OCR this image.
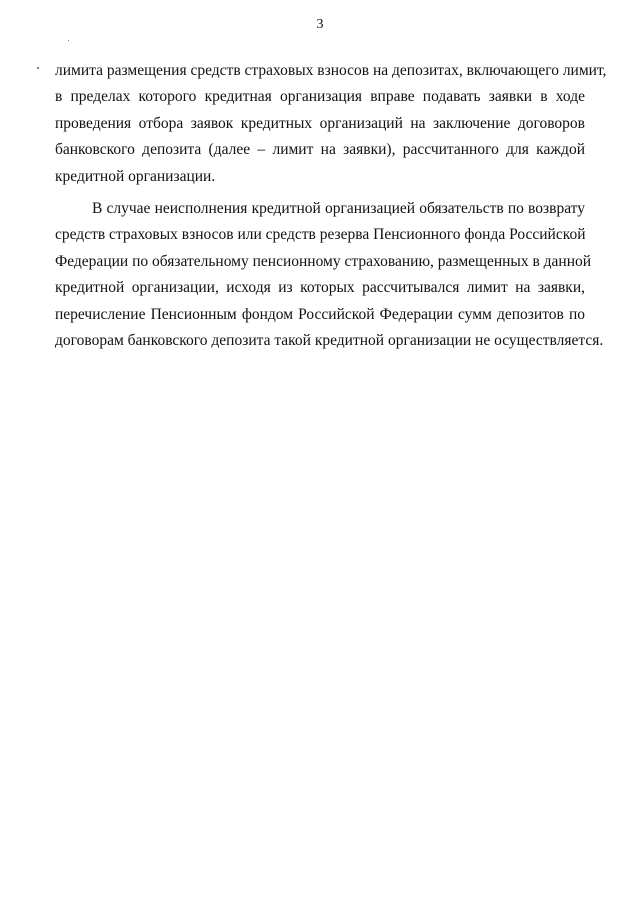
3
лимита размещения средств страховых взносов на депозитах, включающего лимит,
в пределах которого кредитная организация вправе подавать заявки в ходе
проведения отбора заявок кредитных организаций на заключение договоров
банковского депозита (далее – лимит на заявки), рассчитанного для каждой
кредитной организации.
В случае неисполнения кредитной организацией обязательств по возврату
средств страховых взносов или средств резерва Пенсионного фонда Российской
Федерации по обязательному пенсионному страхованию, размещенных в данной
кредитной организации, исходя из которых рассчитывался лимит на заявки,
перечисление Пенсионным фондом Российской Федерации сумм депозитов по
договорам банковского депозита такой кредитной организации не осуществляется.
